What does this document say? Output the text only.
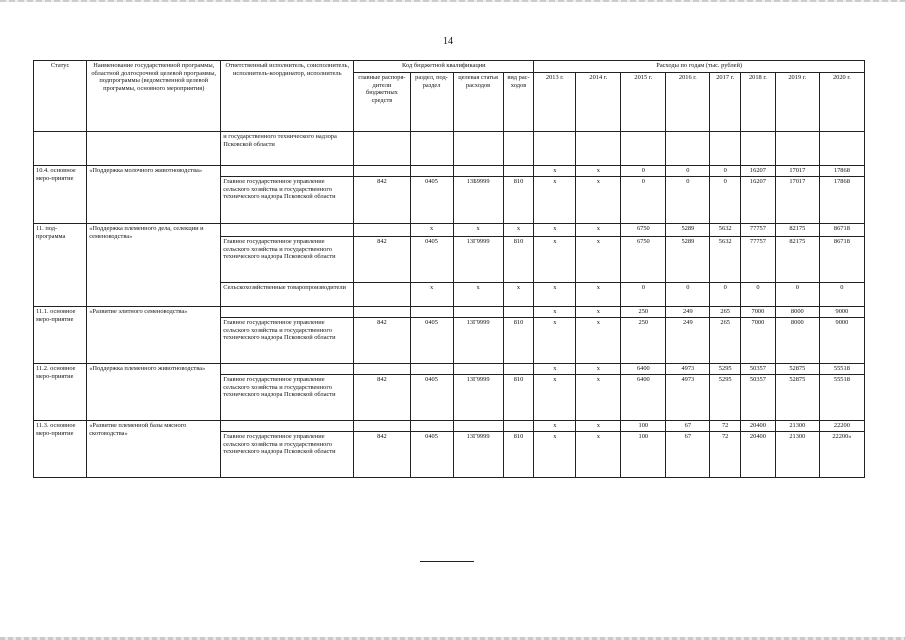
14
Статус	Наименование государственной программы, областной долгосрочной целевой программы, подпрограммы (ведомственной целевой программы, основного мероприятия)	Ответственный исполнитель, соисполнитель, исполнитель-координатор, исполнитель	Код бюджетной квалификации				Расходы по годам (тыс. рублей)							
			главные распоря-дители бюджетных средств	раздел, под-раздел	целевая статья расходов	вид рас-ходов	2013 г.	2014 г.	2015 г.	2016 г.	2017 г.	2018 г.	2019 г.	2020 г.
		и государственного технического надзора Псковской области												
10.4. основное меро-приятие	«Поддержка молочного животноводства»						x	x	0	0	0	16207	17017	17868
		Главное государственное управление сельского хозяйства и государственного технического надзора Псковской области	842	0405	13Б9999	810	x	x	0	0	0	16207	17017	17868
11. под-программа	«Поддержка племенного дела, селекции и семеноводства»			x	x	x	x	x	6750	5289	5632	77757	82175	86718
		Главное государственное управление сельского хозяйства и государственного технического надзора Псковской области	842	0405	13Г9999	810	x	x	6750	5289	5632	77757	82175	86718
		Сельскохозяйственные товаропроизводители		x	x	x	x	x	0	0	0	0	0	0
11.1. основное меро-приятие	«Развитие элитного семеноводства»						x	x	250	249	265	7000	8000	9000
		Главное государственное управление сельского хозяйства и государственного технического надзора Псковской области	842	0405	13Г9999	810	x	x	250	249	265	7000	8000	9000
11.2. основное меро-приятие	«Поддержка племенного животноводства»						x	x	6400	4973	5295	50357	52875	55518
		Главное государственное управление сельского хозяйства и государственного технического надзора Псковской области	842	0405	13Г9999	810	x	x	6400	4973	5295	50357	52875	55518
11.3. основное меро-приятие	«Развитие племенной базы мясного скотоводства»						x	x	100	67	72	20400	21300	22200
		Главное государственное управление сельского хозяйства и государственного технического надзора Псковской области	842	0405	13Г9999	810	x	x	100	67	72	20400	21300	22200»
